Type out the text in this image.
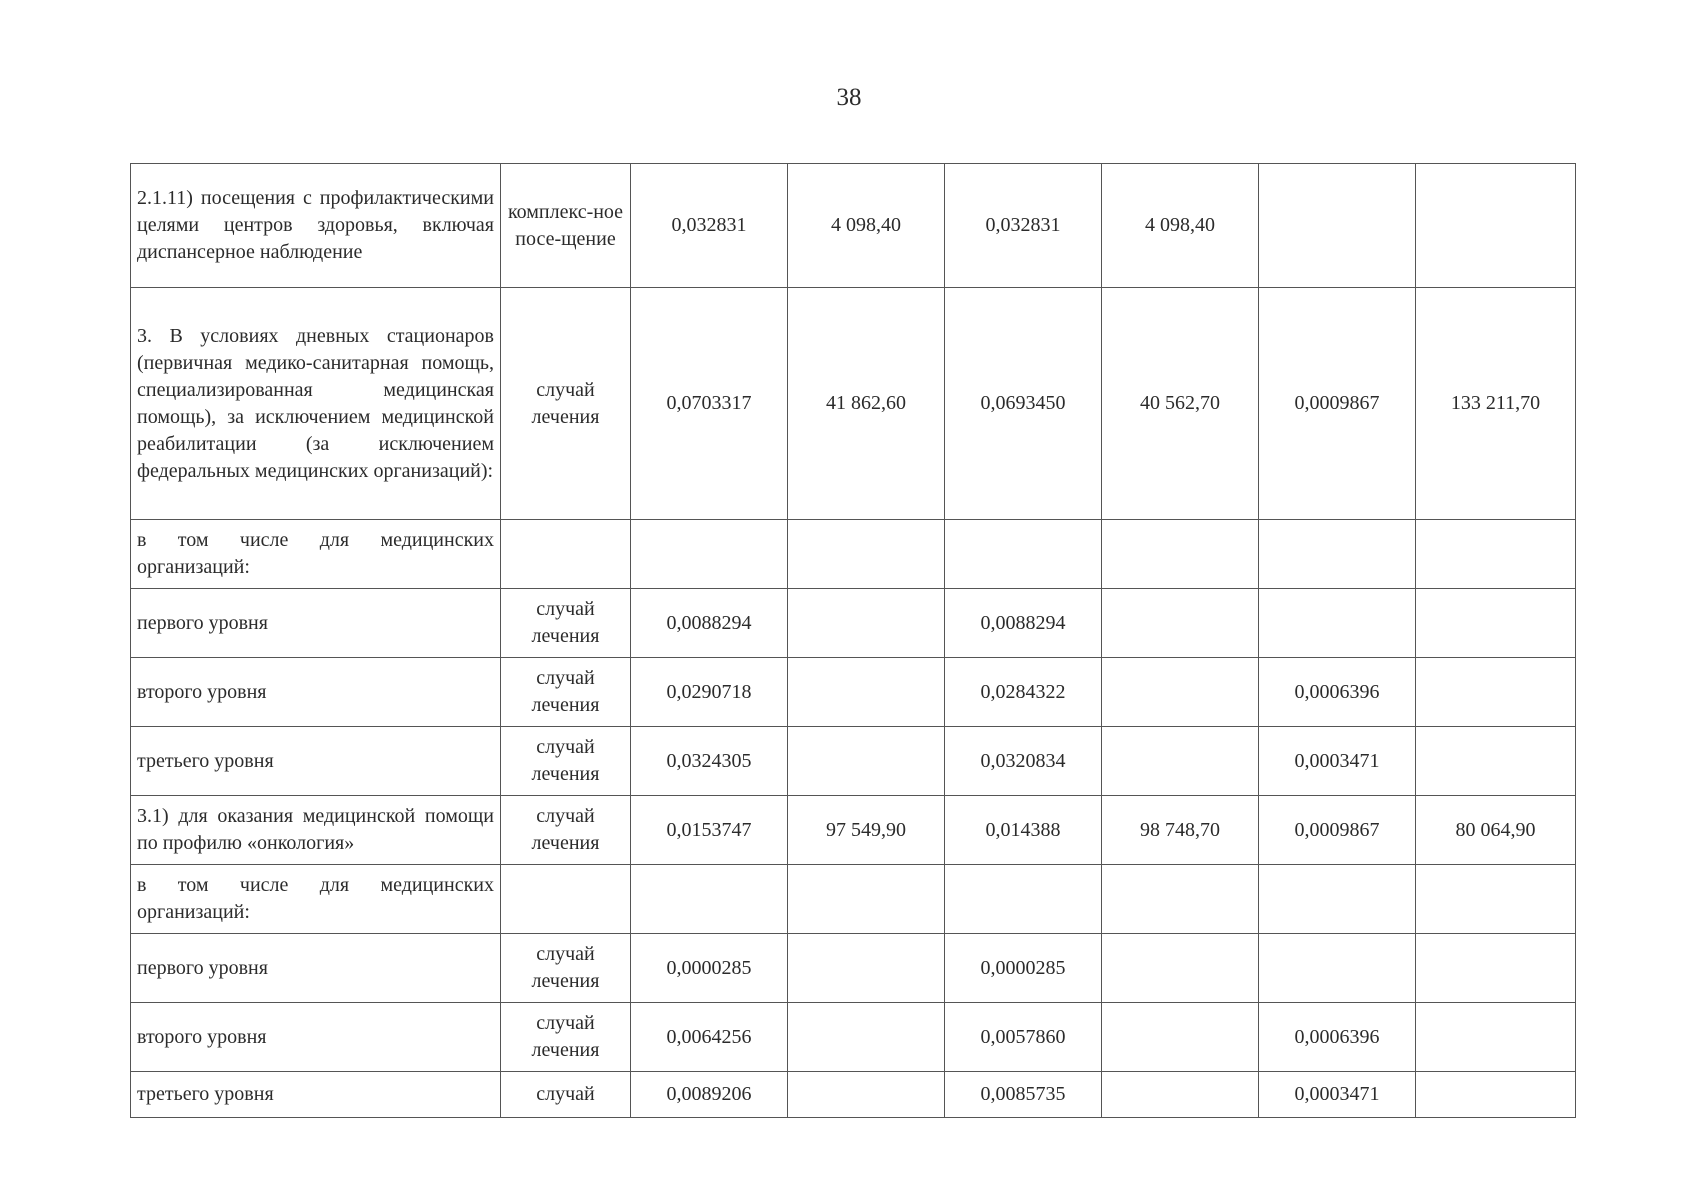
38
2.1.11) посещения с профилактическими целями центров здоровья, включая диспансерное наблюдение	комплекс-ное посе-щение	0,032831	4 098,40	0,032831	4 098,40		
3. В условиях дневных стационаров (первичная медико-санитарная помощь, специализированная медицинская помощь), за исключением медицинской реабилитации (за исключением федеральных медицинских организаций):	случай лечения	0,0703317	41 862,60	0,0693450	40 562,70	0,0009867	133 211,70
в том числе для медицинских организаций:							
первого уровня	случай лечения	0,0088294		0,0088294			
второго уровня	случай лечения	0,0290718		0,0284322		0,0006396	
третьего уровня	случай лечения	0,0324305		0,0320834		0,0003471	
3.1) для оказания медицинской помощи по профилю «онкология»	случай лечения	0,0153747	97 549,90	0,014388	98 748,70	0,0009867	80 064,90
в том числе для медицинских организаций:							
первого уровня	случай лечения	0,0000285		0,0000285			
второго уровня	случай лечения	0,0064256		0,0057860		0,0006396	
третьего уровня	случай	0,0089206		0,0085735		0,0003471	
